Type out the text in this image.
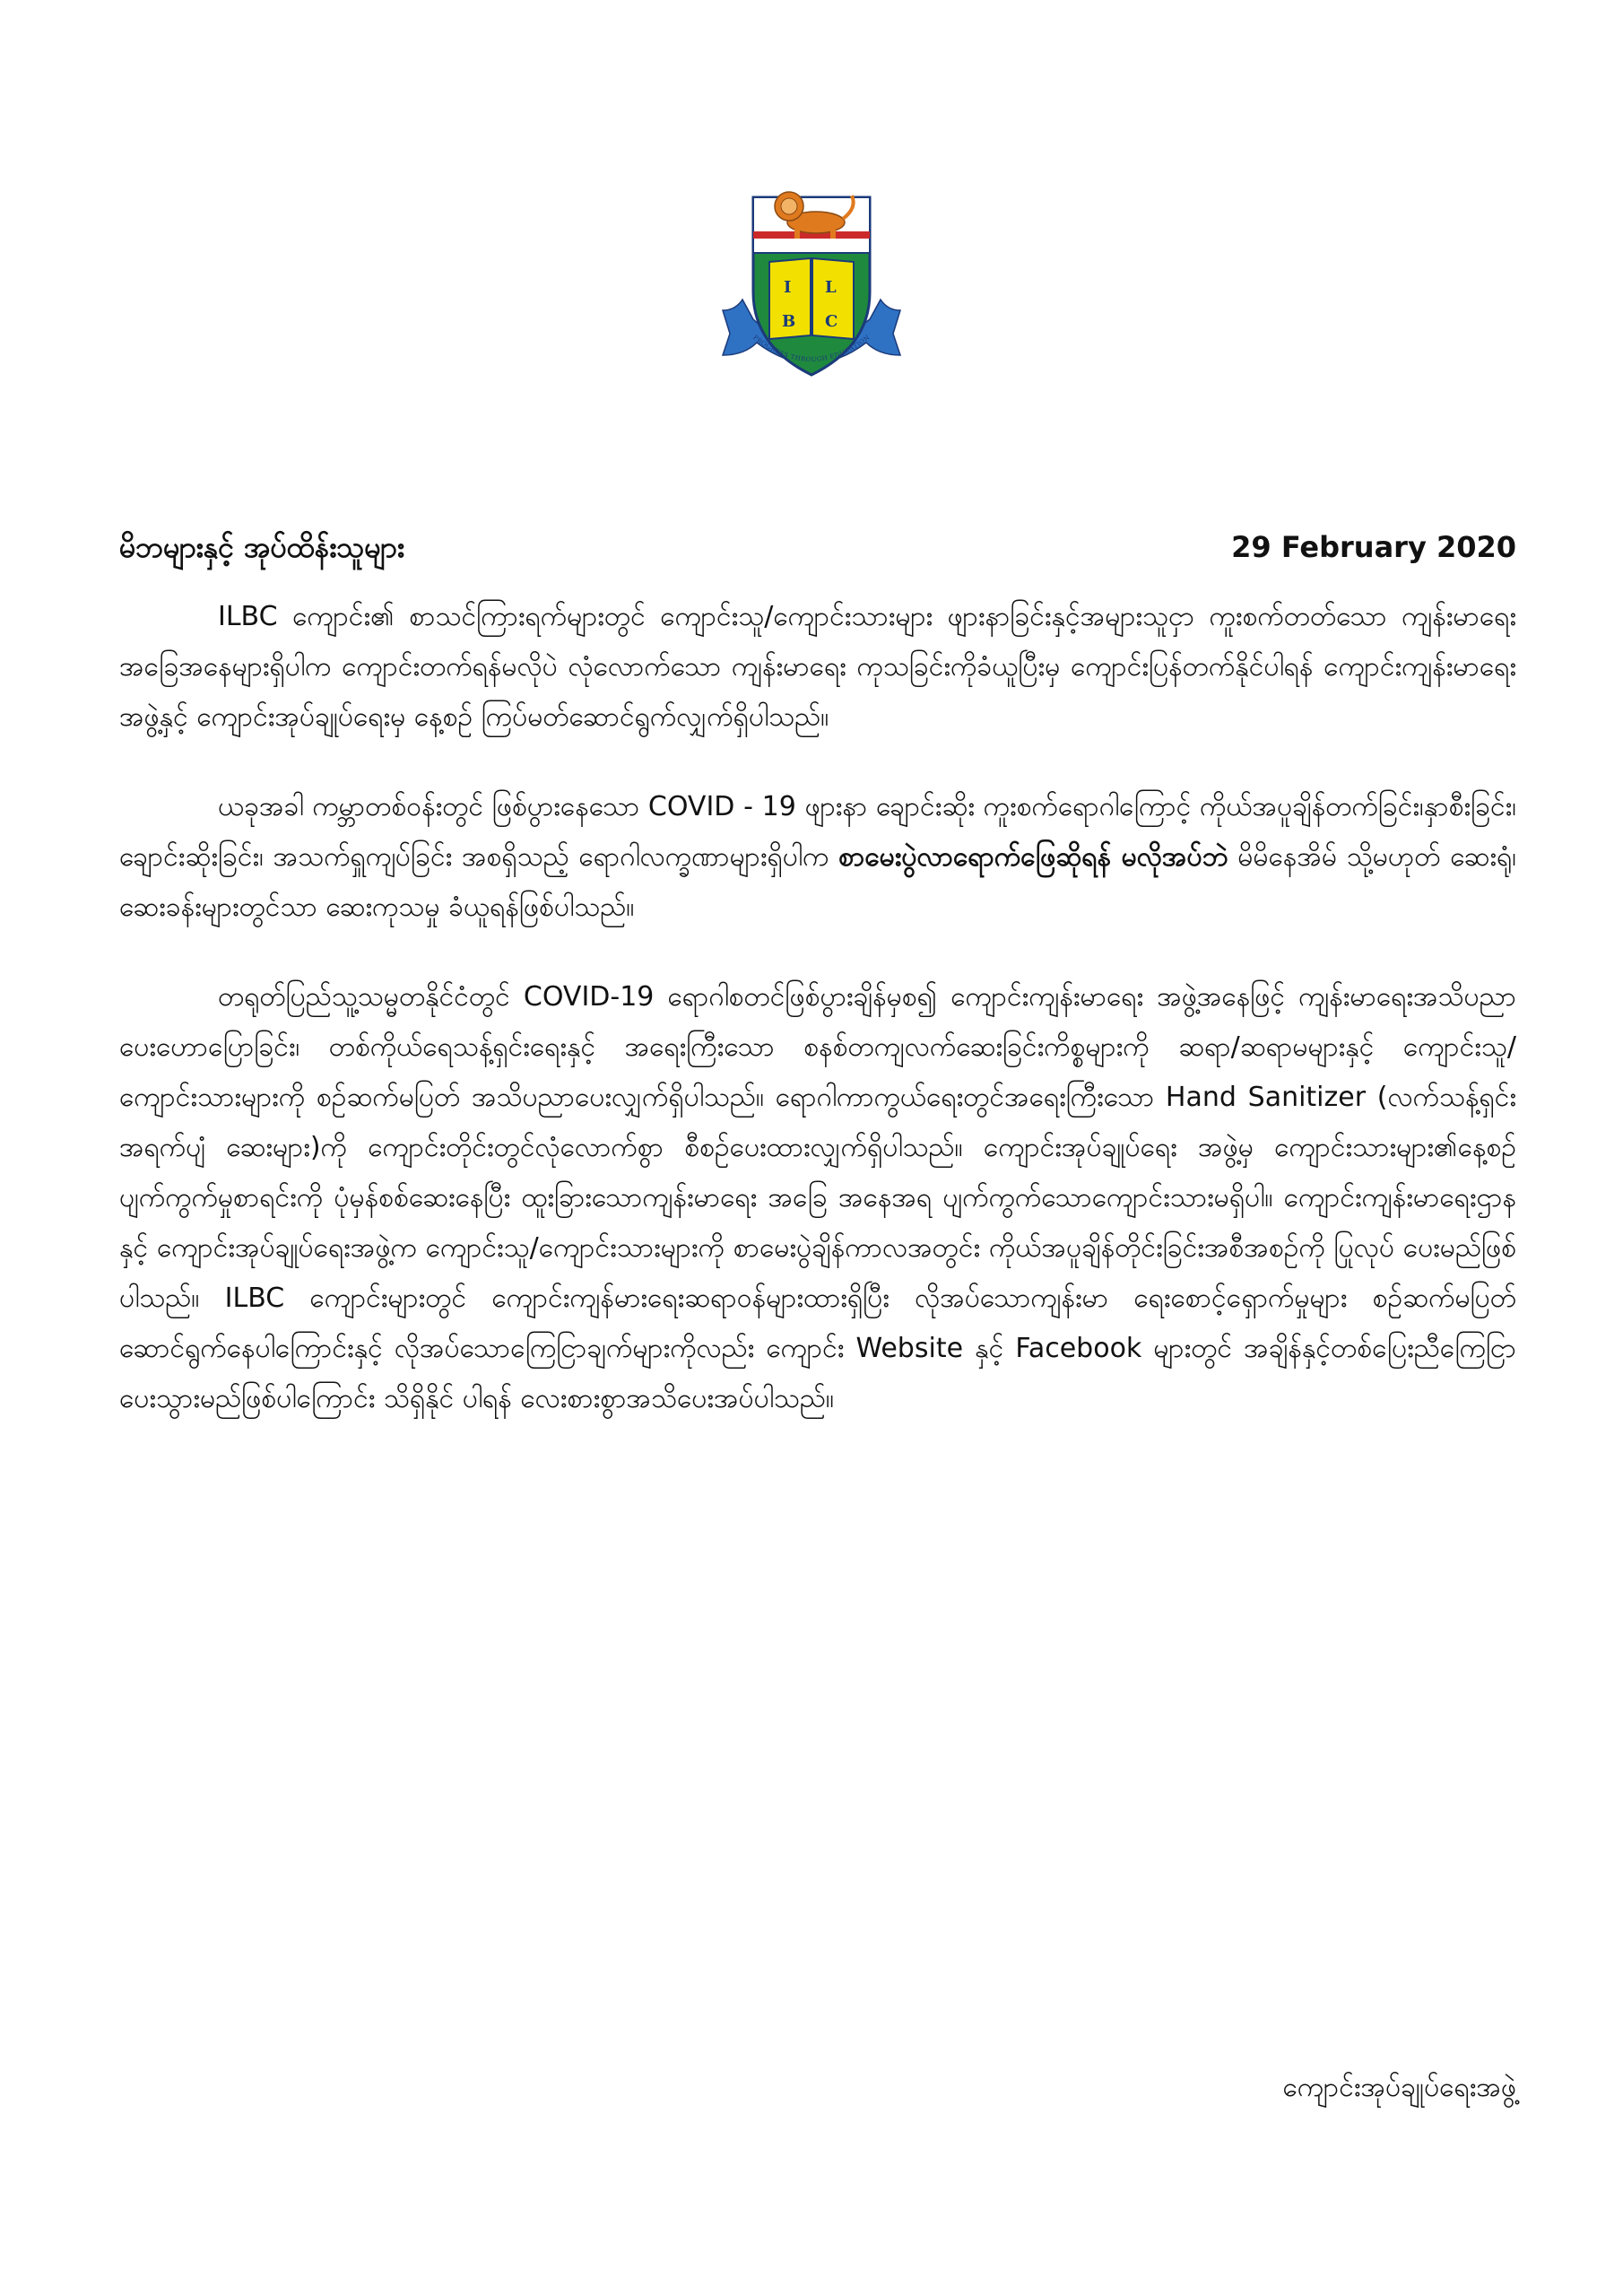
I L
B C
PROGRESS THROUGH EDUCATION
မိဘများနှင့် အုပ်ထိန်းသူများ	29 February 2020

ILBC ကျောင်း၏ စာသင်ကြားရက်များတွင် ကျောင်းသူ/ကျောင်းသားများ ဖျားနာခြင်းနှင့်အများသူငှာ ကူးစက်တတ်သော ကျန်းမာရေးအခြေအနေများရှိပါက ကျောင်းတက်ရန်မလိုပဲ လုံလောက်သော ကျန်းမာရေး ကုသခြင်းကိုခံယူပြီးမှ ကျောင်းပြန်တက်နိုင်ပါရန် ကျောင်းကျန်းမာရေးအဖွဲ့နှင့် ကျောင်းအုပ်ချုပ်ရေးမှ နေ့စဉ် ကြပ်မတ်ဆောင်ရွက်လျှက်ရှိပါသည်။

ယခုအခါ ကမ္ဘာတစ်ဝန်းတွင် ဖြစ်ပွားနေသော COVID - 19 ဖျားနာ ချောင်းဆိုး ကူးစက်ရောဂါကြောင့် ကိုယ်အပူချိန်တက်ခြင်း၊နှာစီးခြင်း၊ ချောင်းဆိုးခြင်း၊ အသက်ရှူကျပ်ခြင်း အစရှိသည့် ရောဂါလက္ခဏာများရှိပါက စာမေးပွဲလာရောက်ဖြေဆိုရန် မလိုအပ်ဘဲ မိမိနေအိမ် သို့မဟုတ် ဆေးရုံ၊ ဆေးခန်းများတွင်သာ ဆေးကုသမှု ခံယူရန်ဖြစ်ပါသည်။

တရုတ်ပြည်သူ့သမ္မတနိုင်ငံတွင် COVID-19 ရောဂါစတင်ဖြစ်ပွားချိန်မှစ၍ ကျောင်းကျန်းမာရေး အဖွဲ့အနေဖြင့် ကျန်းမာရေးအသိပညာပေးဟောပြောခြင်း၊ တစ်ကိုယ်ရေသန့်ရှင်းရေးနှင့် အရေးကြီးသော စနစ်တကျလက်ဆေးခြင်းကိစ္စများကို ဆရာ/ဆရာမများနှင့် ကျောင်းသူ/ကျောင်းသားများကို စဉ်ဆက်မပြတ် အသိပညာပေးလျှက်ရှိပါသည်။ ရောဂါကာကွယ်ရေးတွင်အရေးကြီးသော Hand Sanitizer (လက်သန့်ရှင်း အရက်ပျံ ဆေးများ)ကို ကျောင်းတိုင်းတွင်လုံလောက်စွာ စီစဉ်ပေးထားလျှက်ရှိပါသည်။ ကျောင်းအုပ်ချုပ်ရေး အဖွဲ့မှ ကျောင်းသားများ၏နေ့စဉ်ပျက်ကွက်မှုစာရင်းကို ပုံမှန်စစ်ဆေးနေပြီး ထူးခြားသောကျန်းမာရေး အခြေ အနေအရ ပျက်ကွက်သောကျောင်းသားမရှိပါ။ ကျောင်းကျန်းမာရေးဌာနနှင့် ကျောင်းအုပ်ချုပ်ရေးအဖွဲ့က ကျောင်းသူ/ကျောင်းသားများကို စာမေးပွဲချိန်ကာလအတွင်း ကိုယ်အပူချိန်တိုင်းခြင်းအစီအစဉ်ကို ပြုလုပ် ပေးမည်ဖြစ်ပါသည်။ ILBC ကျောင်းများတွင် ကျောင်းကျန်မားရေးဆရာဝန်များထားရှိပြီး လိုအပ်သောကျန်းမာ ရေးစောင့်ရှောက်မှုများ စဉ်ဆက်မပြတ်ဆောင်ရွက်နေပါကြောင်းနှင့် လိုအပ်သောကြေငြာချက်များကိုလည်း ကျောင်း Website နှင့် Facebook များတွင် အချိန်နှင့်တစ်ပြေးညီကြေငြာပေးသွားမည်ဖြစ်ပါကြောင်း သိရှိနိုင် ပါရန် လေးစားစွာအသိပေးအပ်ပါသည်။

ကျောင်းအုပ်ချုပ်ရေးအဖွဲ့
